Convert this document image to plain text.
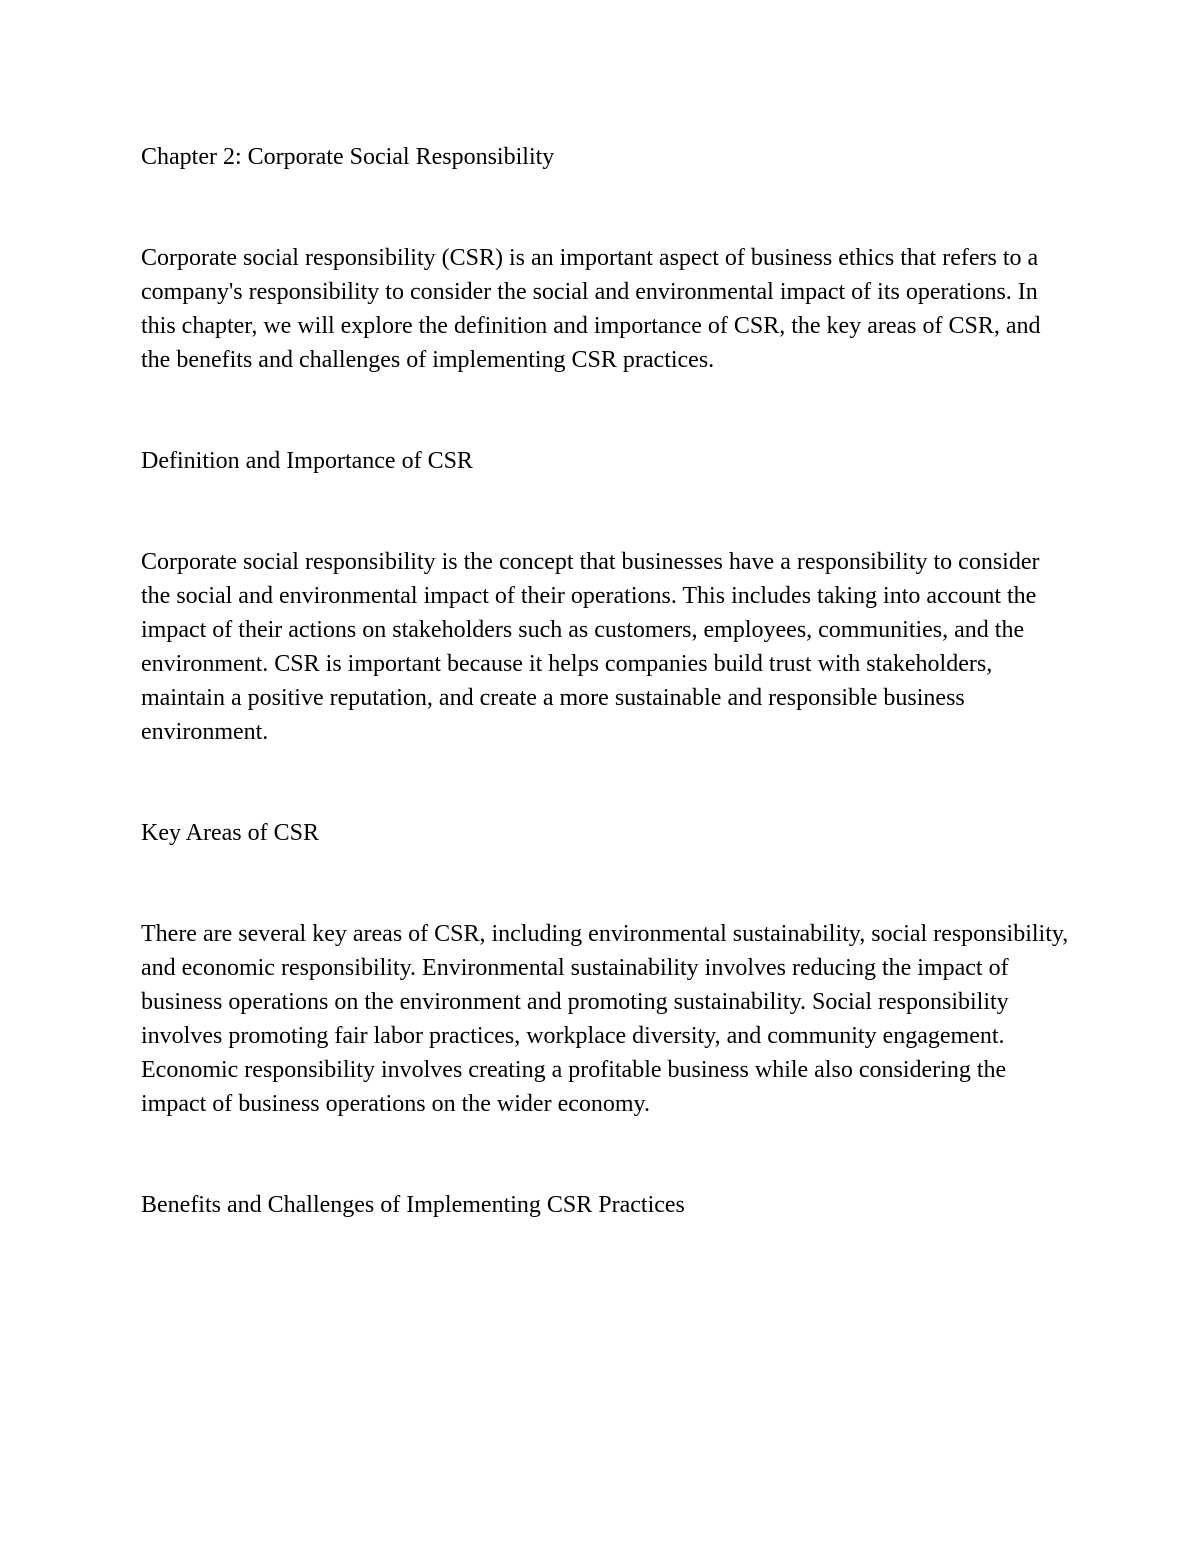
Chapter 2: Corporate Social Responsibility

Corporate social responsibility (CSR) is an important aspect of business ethics that refers to a company's responsibility to consider the social and environmental impact of its operations. In this chapter, we will explore the definition and importance of CSR, the key areas of CSR, and the benefits and challenges of implementing CSR practices.

Definition and Importance of CSR

Corporate social responsibility is the concept that businesses have a responsibility to consider the social and environmental impact of their operations. This includes taking into account the impact of their actions on stakeholders such as customers, employees, communities, and the environment. CSR is important because it helps companies build trust with stakeholders, maintain a positive reputation, and create a more sustainable and responsible business environment.

Key Areas of CSR

There are several key areas of CSR, including environmental sustainability, social responsibility, and economic responsibility. Environmental sustainability involves reducing the impact of business operations on the environment and promoting sustainability. Social responsibility involves promoting fair labor practices, workplace diversity, and community engagement. Economic responsibility involves creating a profitable business while also considering the impact of business operations on the wider economy.

Benefits and Challenges of Implementing CSR Practices
